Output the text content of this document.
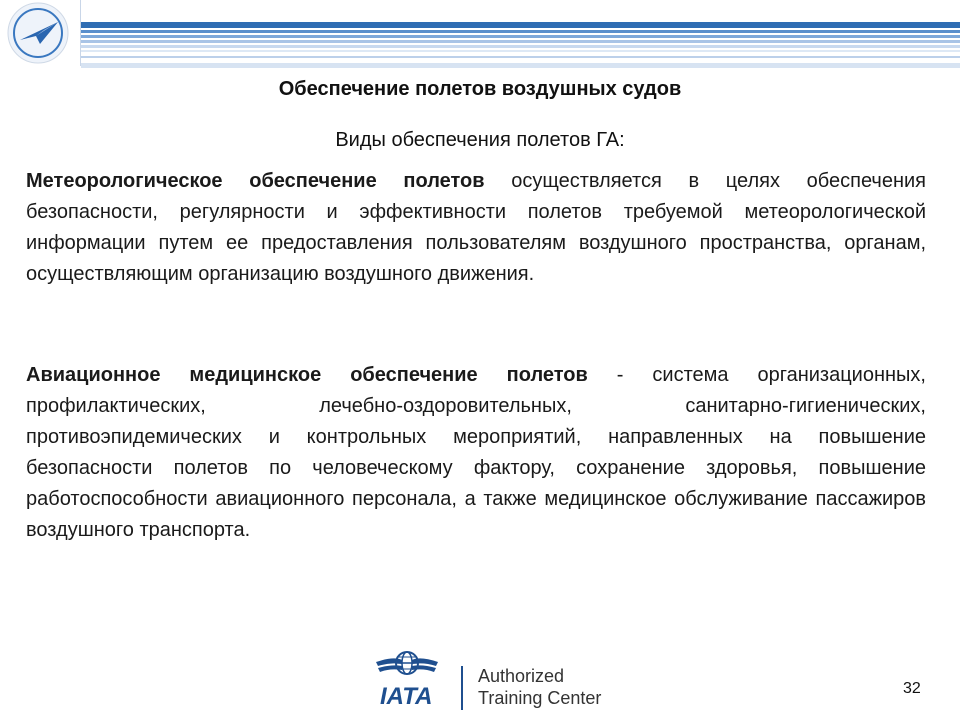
Обеспечение полетов воздушных судов
Виды обеспечения полетов ГА:
Метеорологическое обеспечение полетов осуществляется в целях обеспечения безопасности, регулярности и эффективности полетов требуемой метеорологической информации путем ее предоставления пользователям воздушного пространства, органам, осуществляющим организацию воздушного движения.
Авиационное медицинское обеспечение полетов - система организационных, профилактических, лечебно-оздоровительных, санитарно-гигиенических, противоэпидемических и контрольных мероприятий, направленных на повышение безопасности полетов по человеческому фактору, сохранение здоровья, повышение работоспособности авиационного персонала, а также медицинское обслуживание пассажиров воздушного транспорта.
IATA
Authorized
Training Center	32
